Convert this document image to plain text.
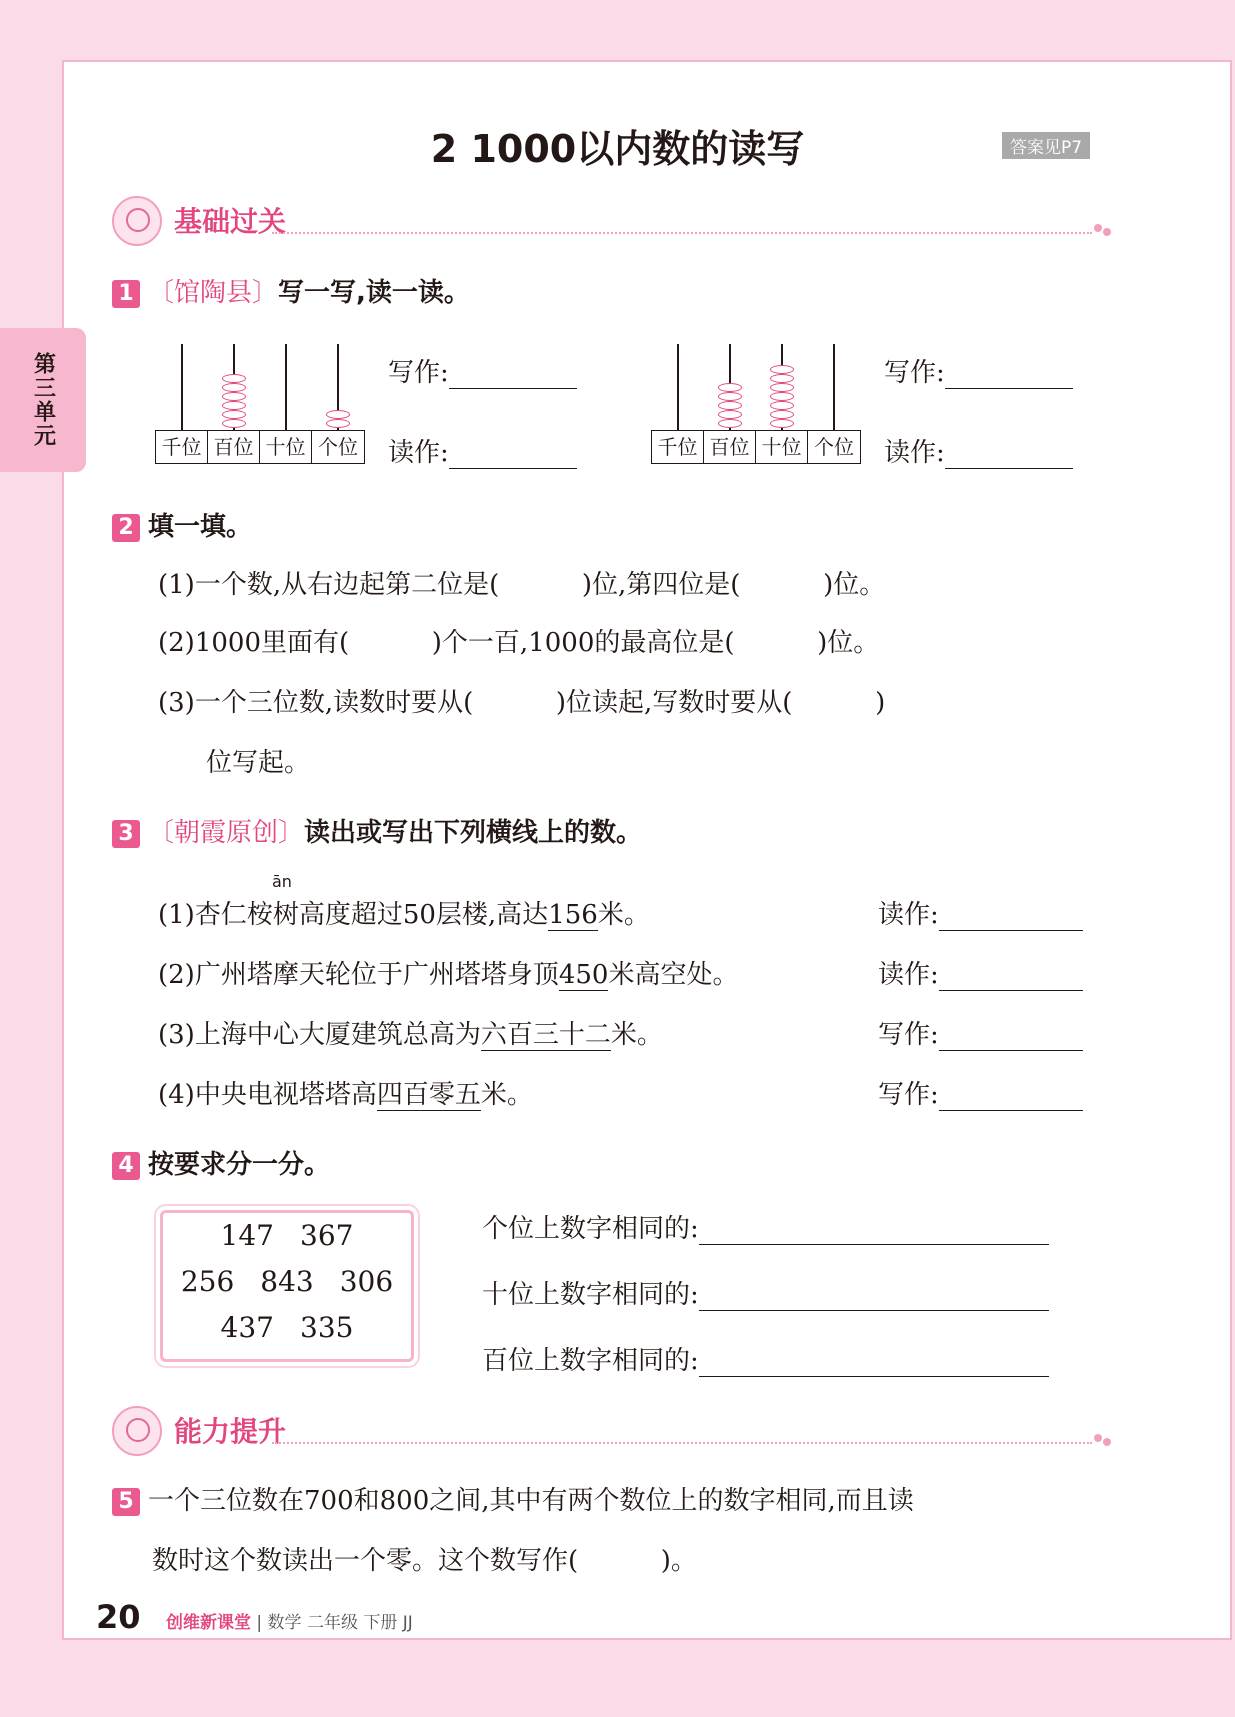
第三单元
2 1000以内数的读写	答案见P7
基础过关
1 〔馆陶县〕写一写,读一读。
千位 百位 十位 个位	千位 百位 十位 个位
写作:
读作:
写作:
读作:
2 填一填。
(1)一个数,从右边起第二位是(          )位,第四位是(          )位。
(2)1000里面有(          )个一百,1000的最高位是(          )位。
(3)一个三位数,读数时要从(          )位读起,写数时要从(          )
位写起。
3 〔朝霞原创〕读出或写出下列横线上的数。
ān
(1)杏仁桉树高度超过50层楼,高达156米。	读作:
(2)广州塔摩天轮位于广州塔塔身顶450米高空处。	读作:
(3)上海中心大厦建筑总高为六百三十二米。	写作:
(4)中央电视塔塔高四百零五米。	写作:
4 按要求分一分。
147 367
256 843 306
437 335
个位上数字相同的:
十位上数字相同的:
百位上数字相同的:
能力提升
5 一个三位数在700和800之间,其中有两个数位上的数字相同,而且读
数时这个数读出一个零。这个数写作(          )。
20 创维新课堂 | 数学 二年级 下册 JJ
